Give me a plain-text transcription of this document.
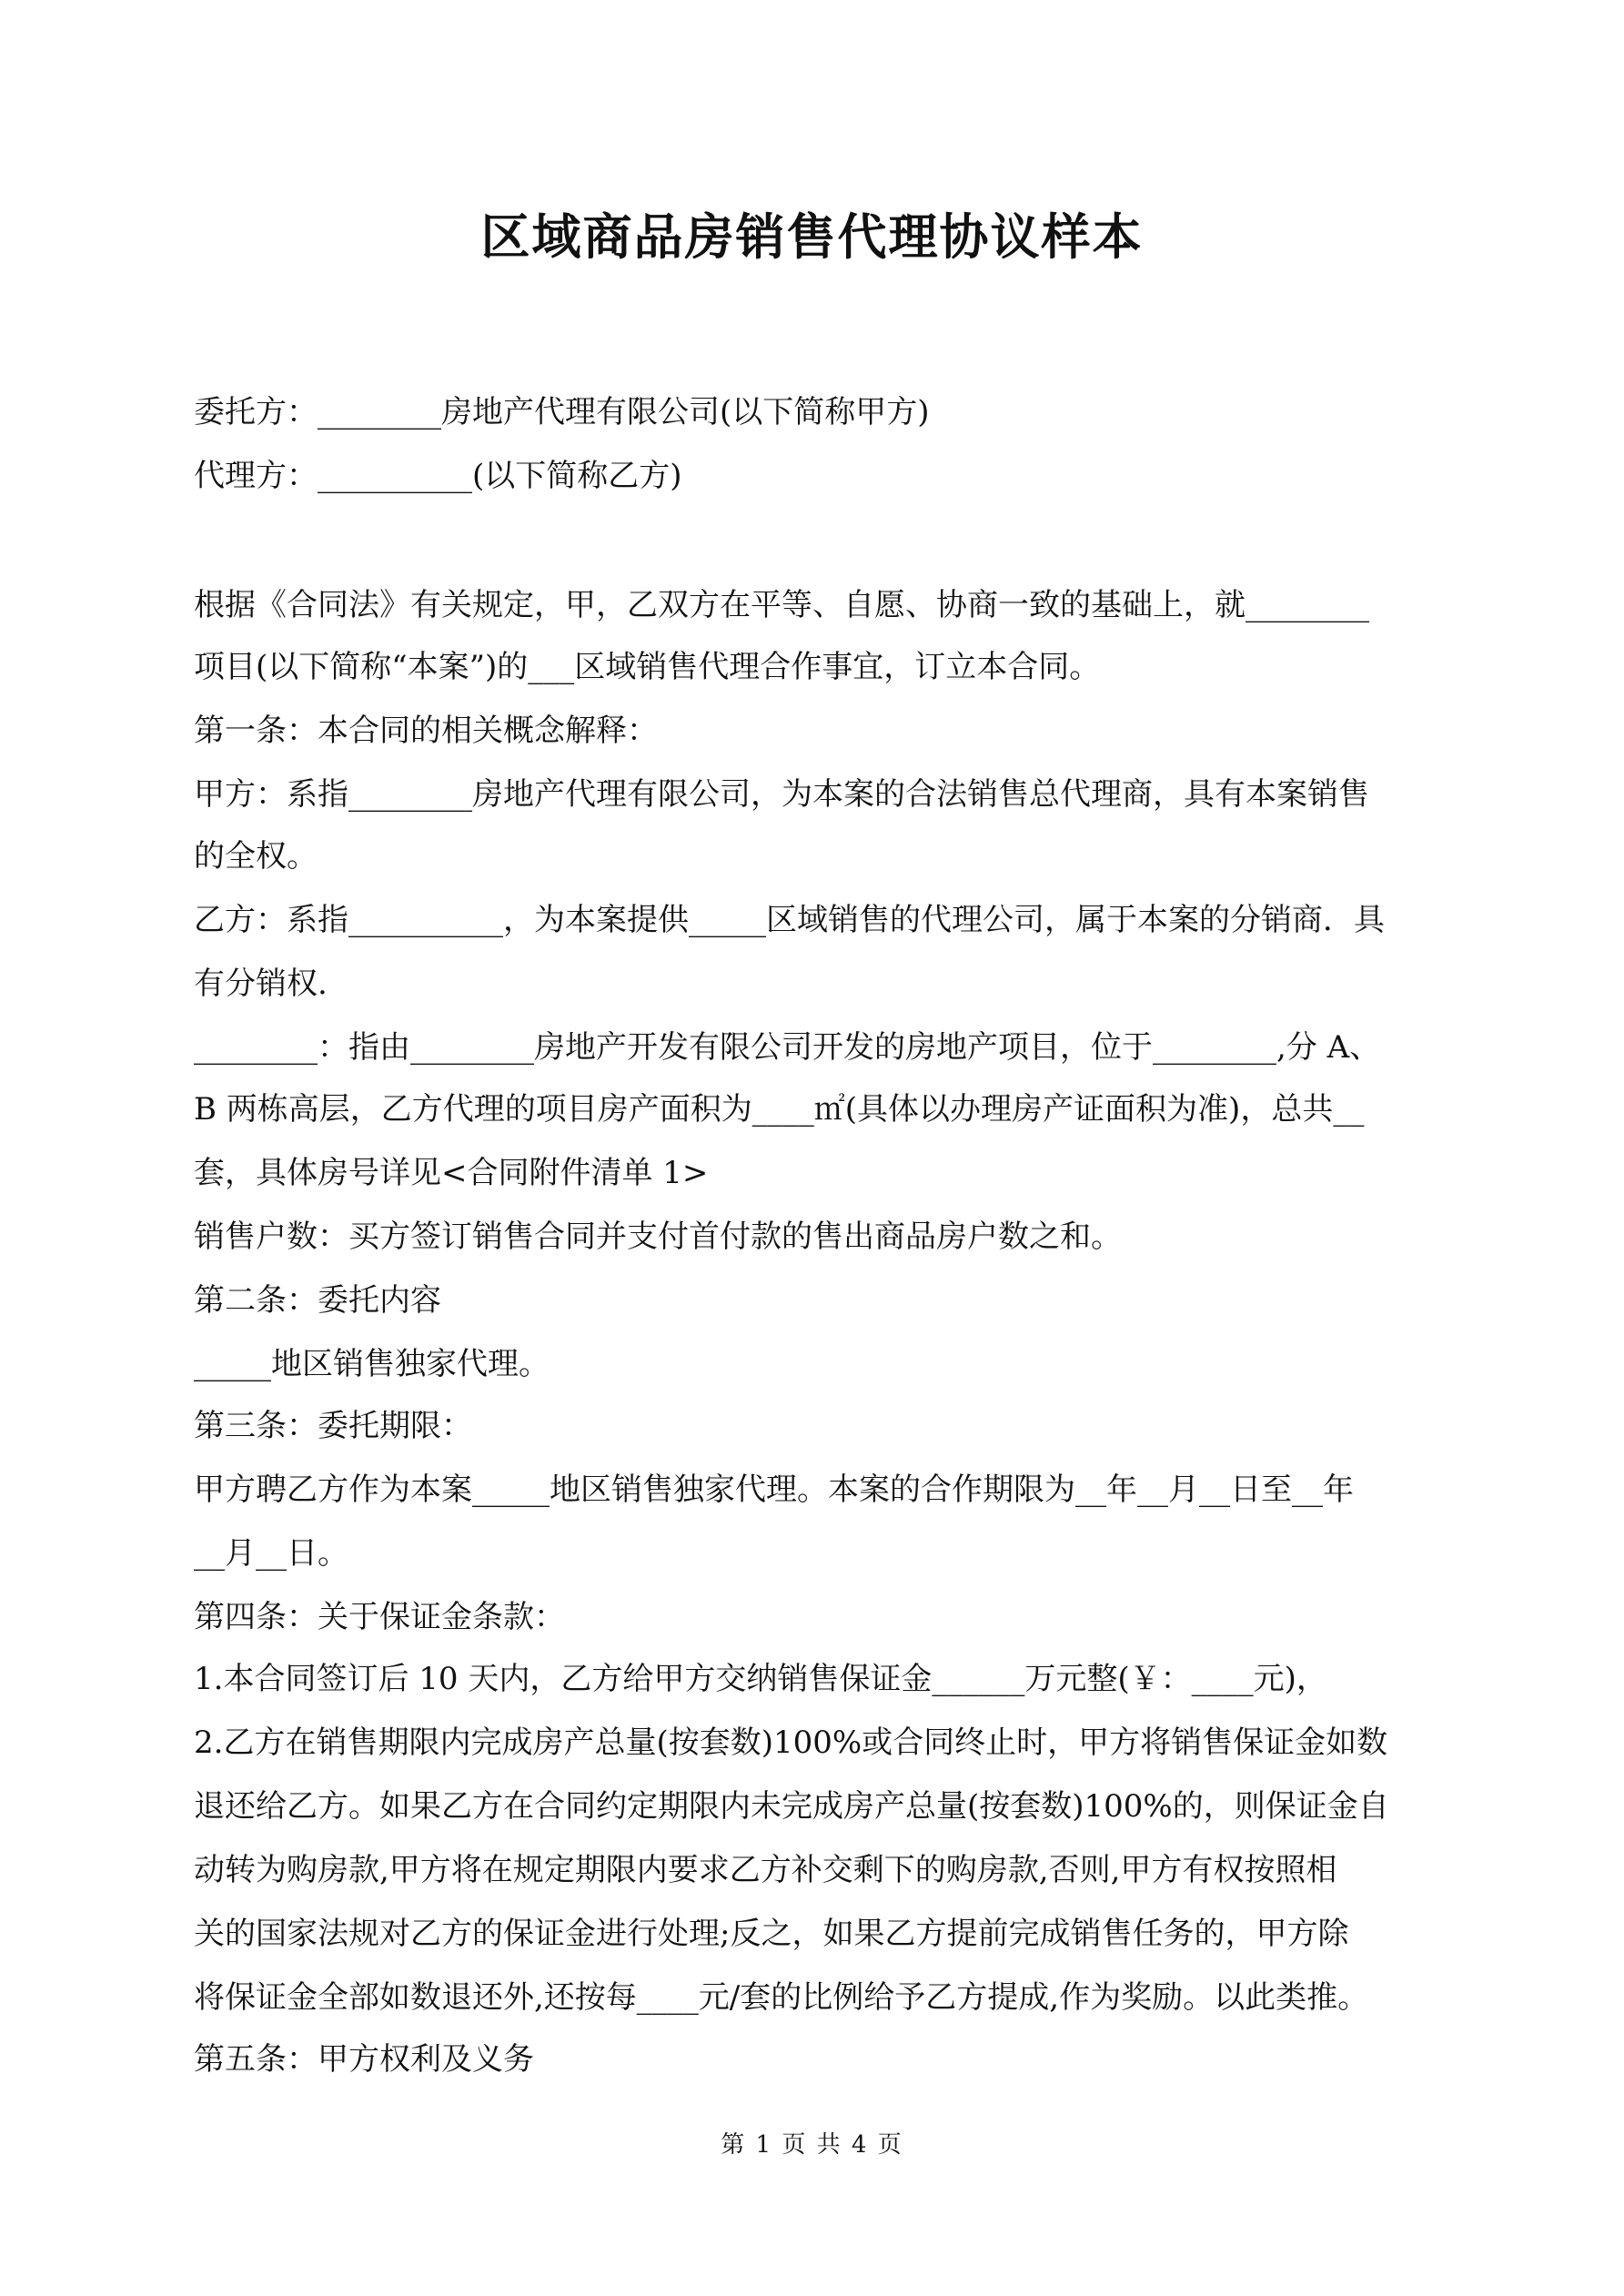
区域商品房销售代理协议样本
委托方：________房地产代理有限公司(以下简称甲方)
代理方：__________(以下简称乙方)
根据《合同法》有关规定，甲，乙双方在平等、自愿、协商一致的基础上，就________
项目(以下简称“本案”)的___区域销售代理合作事宜，订立本合同。
第一条：本合同的相关概念解释：
甲方：系指________房地产代理有限公司，为本案的合法销售总代理商，具有本案销售
的全权。
乙方：系指__________，为本案提供_____区域销售的代理公司，属于本案的分销商．具
有分销权.
________：指由________房地产开发有限公司开发的房地产项目，位于________,分 A、
B 两栋高层，乙方代理的项目房产面积为____㎡(具体以办理房产证面积为准)，总共__
套，具体房号详见<合同附件清单 1>
销售户数：买方签订销售合同并支付首付款的售出商品房户数之和。
第二条：委托内容
_____地区销售独家代理。
第三条：委托期限：
甲方聘乙方作为本案_____地区销售独家代理。本案的合作期限为__年__月__日至__年
__月__日。
第四条：关于保证金条款：
1.本合同签订后 10 天内，乙方给甲方交纳销售保证金______万元整(￥：____元)，
2.乙方在销售期限内完成房产总量(按套数)100%或合同终止时，甲方将销售保证金如数
退还给乙方。如果乙方在合同约定期限内未完成房产总量(按套数)100%的，则保证金自
动转为购房款,甲方将在规定期限内要求乙方补交剩下的购房款,否则,甲方有权按照相
关的国家法规对乙方的保证金进行处理;反之，如果乙方提前完成销售任务的，甲方除
将保证金全部如数退还外,还按每____元/套的比例给予乙方提成,作为奖励。以此类推。
第五条：甲方权利及义务
第 1 页 共 4 页
